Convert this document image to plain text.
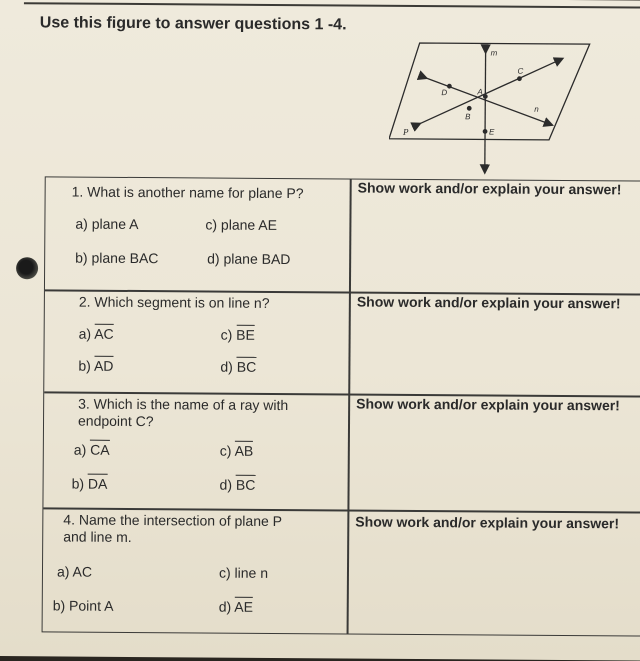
Use this figure to answer questions 1 -4.
m
C
A
D
B
n
E
P
1. What is another name for plane P?
a) plane A	c) plane AE
b) plane BAC	d) plane BAD
Show work and/or explain your answer!
2. Which segment is on line n?
a) AC	c) BE
b) AD	d) BC
Show work and/or explain your answer!
3. Which is the name of a ray with
endpoint C?
a) CA	c) AB
b) DA	d) BC
Show work and/or explain your answer!
4. Name the intersection of plane P
and line m.
a) AC	c) line n
b) Point A	d) AE
Show work and/or explain your answer!
